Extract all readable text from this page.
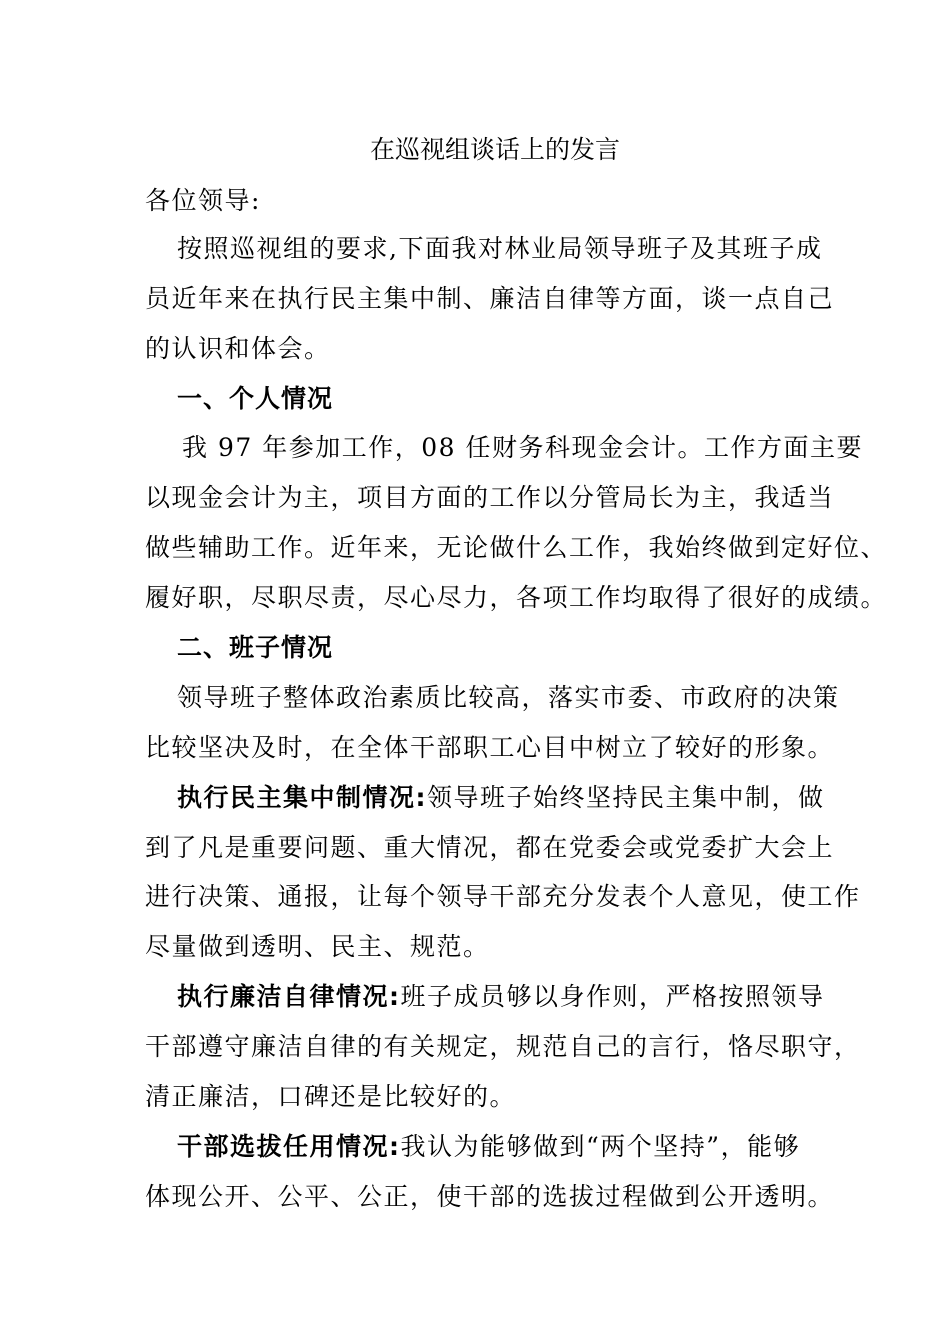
在巡视组谈话上的发言
各位领导:
按照巡视组的要求,下面我对林业局领导班子及其班子成
员近年来在执行民主集中制、廉洁自律等方面，谈一点自己
的认识和体会。
一、个人情况
我 97 年参加工作，08 任财务科现金会计。工作方面主要
以现金会计为主，项目方面的工作以分管局长为主，我适当
做些辅助工作。近年来，无论做什么工作，我始终做到定好位、
履好职，尽职尽责，尽心尽力，各项工作均取得了很好的成绩。
二、班子情况
领导班子整体政治素质比较高，落实市委、市政府的决策
比较坚决及时，在全体干部职工心目中树立了较好的形象。
执行民主集中制情况:领导班子始终坚持民主集中制，做
到了凡是重要问题、重大情况，都在党委会或党委扩大会上
进行决策、通报，让每个领导干部充分发表个人意见，使工作
尽量做到透明、民主、规范。
执行廉洁自律情况:班子成员够以身作则，严格按照领导
干部遵守廉洁自律的有关规定，规范自己的言行，恪尽职守，
清正廉洁，口碑还是比较好的。
干部选拔任用情况:我认为能够做到“两个坚持”，能够
体现公开、公平、公正，使干部的选拔过程做到公开透明。
